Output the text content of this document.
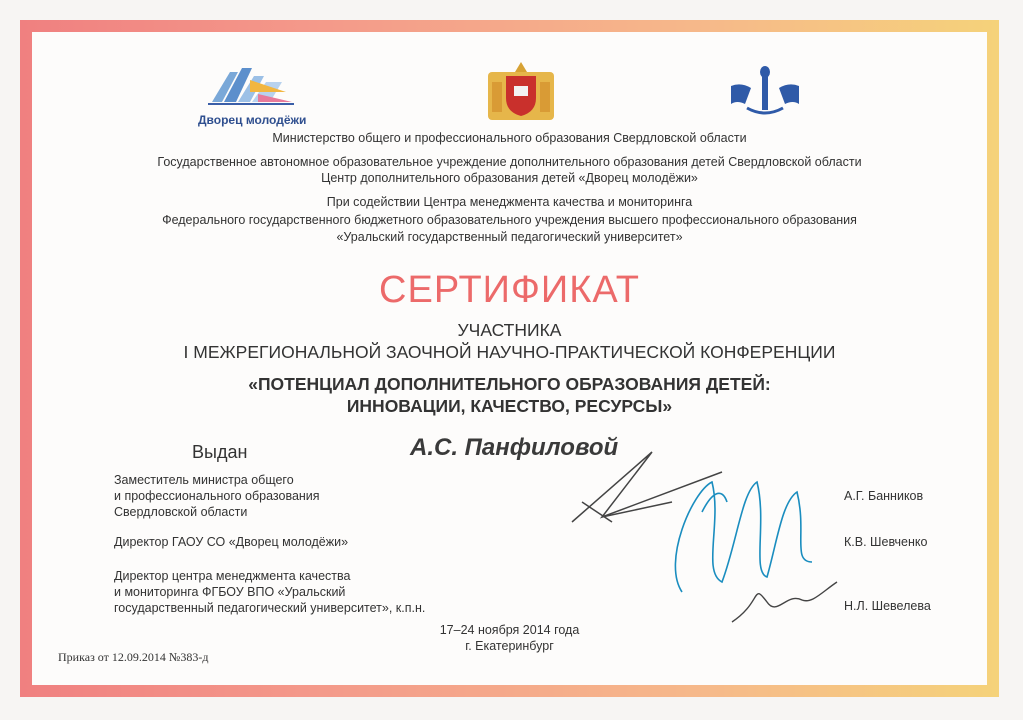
Дворец молодёжи
Министерство общего и профессионального образования Свердловской области
Государственное автономное образовательное учреждение дополнительного образования детей Свердловской области
Центр дополнительного образования детей «Дворец молодёжи»
При содействии Центра менеджмента качества и мониторинга
Федерального государственного бюджетного образовательного учреждения высшего профессионального образования
«Уральский государственный педагогический университет»
СЕРТИФИКАТ
УЧАСТНИКА
I МЕЖРЕГИОНАЛЬНОЙ ЗАОЧНОЙ НАУЧНО-ПРАКТИЧЕСКОЙ КОНФЕРЕНЦИИ
«ПОТЕНЦИАЛ ДОПОЛНИТЕЛЬНОГО ОБРАЗОВАНИЯ ДЕТЕЙ:
ИННОВАЦИИ, КАЧЕСТВО, РЕСУРСЫ»
Выдан	А.С. Панфиловой
Заместитель министра общего
и профессионального образования
Свердловской области
Директор ГАОУ СО «Дворец молодёжи»
Директор центра менеджмента качества
и мониторинга ФГБОУ ВПО «Уральский
государственный педагогический университет», к.п.н.
А.Г. Банников
К.В. Шевченко
Н.Л. Шевелева
17–24 ноября 2014 года
г. Екатеринбург
Приказ от 12.09.2014 №383-д
